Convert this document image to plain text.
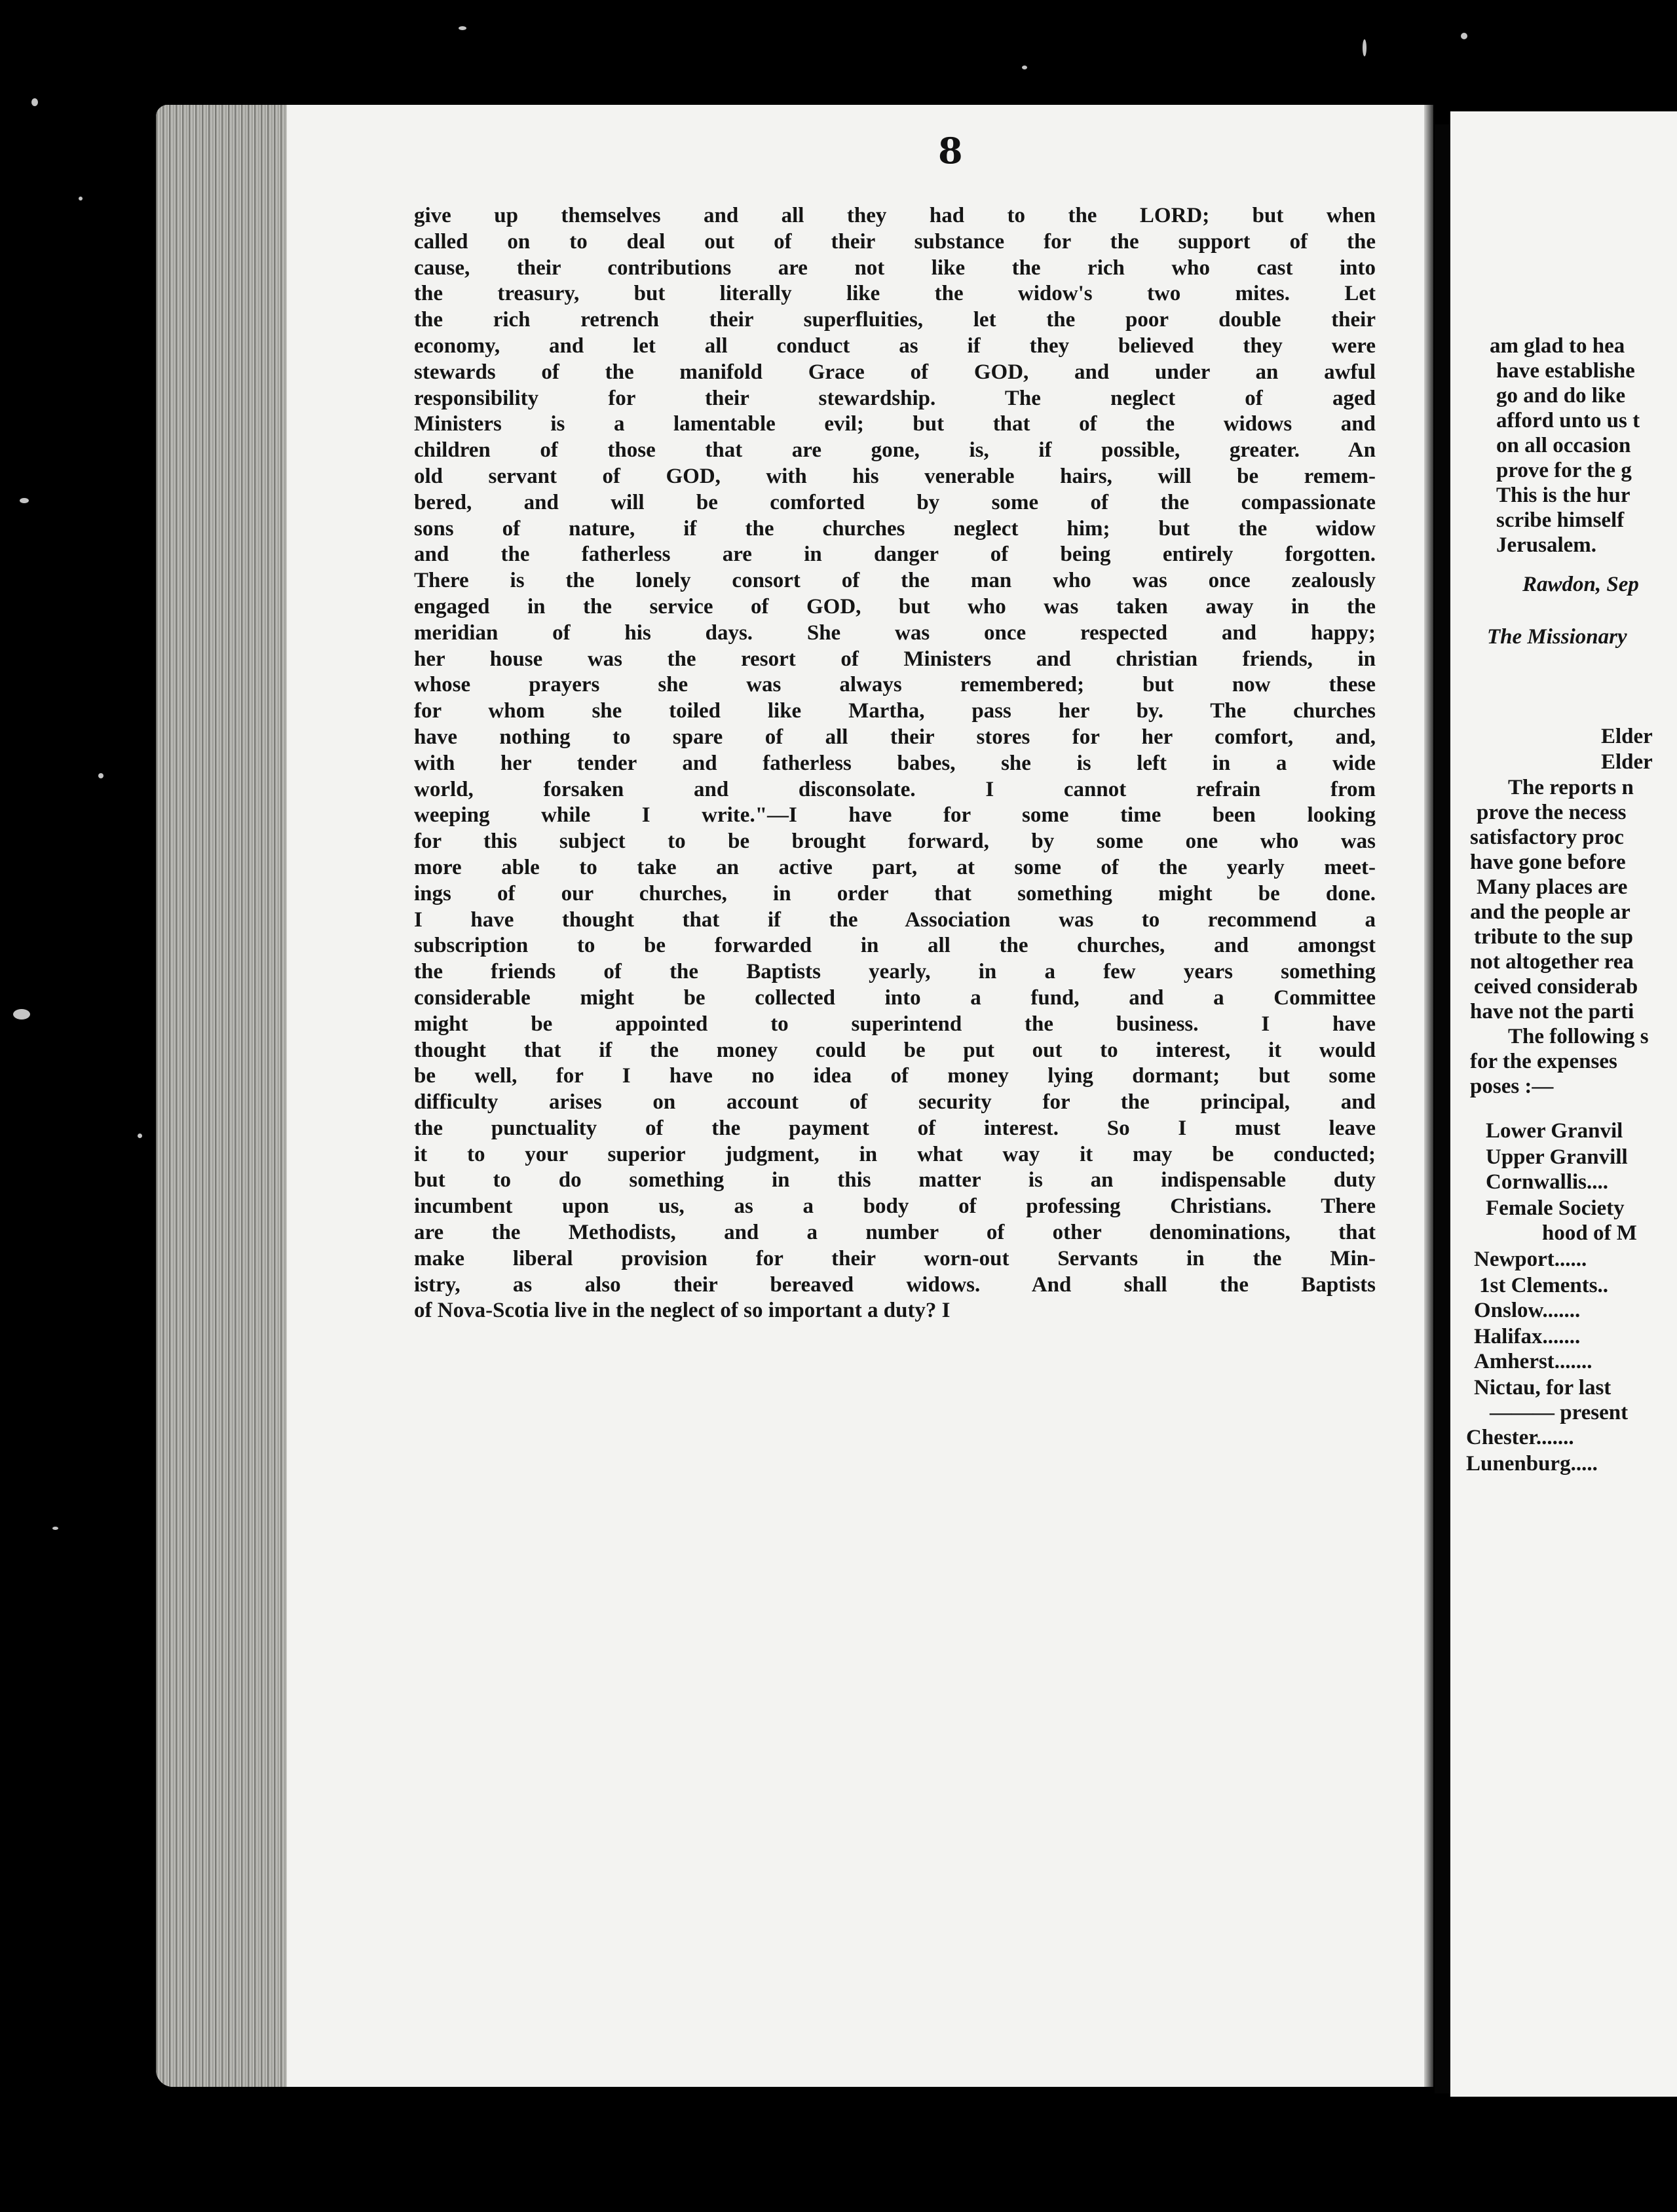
8
give up themselves and all they had to the LORD; but when
called on to deal out of their substance for the support of the
cause, their contributions are not like the rich who cast into
the treasury, but literally like the widow's two mites. Let
the rich retrench their superfluities, let the poor double their
economy, and let all conduct as if they believed they were
stewards of the manifold Grace of GOD, and under an awful
responsibility for their stewardship. The neglect of aged
Ministers is a lamentable evil; but that of the widows and
children of those that are gone, is, if possible, greater. An
old servant of GOD, with his venerable hairs, will be remem-
bered, and will be comforted by some of the compassionate
sons of nature, if the churches neglect him; but the widow
and the fatherless are in danger of being entirely forgotten.
There is the lonely consort of the man who was once zealously
engaged in the service of GOD, but who was taken away in the
meridian of his days. She was once respected and happy;
her house was the resort of Ministers and christian friends, in
whose prayers she was always remembered; but now these
for whom she toiled like Martha, pass her by. The churches
have nothing to spare of all their stores for her comfort, and,
with her tender and fatherless babes, she is left in a wide
world, forsaken and disconsolate. I cannot refrain from
weeping while I write."—I have for some time been looking
for this subject to be brought forward, by some one who was
more able to take an active part, at some of the yearly meet-
ings of our churches, in order that something might be done.
I have thought that if the Association was to recommend a
subscription to be forwarded in all the churches, and amongst
the friends of the Baptists yearly, in a few years something
considerable might be collected into a fund, and a Committee
might be appointed to superintend the business. I have
thought that if the money could be put out to interest, it would
be well, for I have no idea of money lying dormant; but some
difficulty arises on account of security for the principal, and
the punctuality of the payment of interest. So I must leave
it to your superior judgment, in what way it may be conducted;
but to do something in this matter is an indispensable duty
incumbent upon us, as a body of professing Christians. There
are the Methodists, and a number of other denominations, that
make liberal provision for their worn-out Servants in the Min-
istry, as also their bereaved widows. And shall the Baptists
of Nova-Scotia live in the neglect of so important a duty? I
am glad to hea
have establishe
go and do like
afford unto us t
on all occasion
prove for the g
This is the hur
scribe himself
Jerusalem.
Rawdon, Sep
The Missionary
Elder
Elder
The reports n
prove the necess
satisfactory proc
have gone before
Many places are
and the people ar
tribute to the sup
not altogether rea
ceived considerab
have not the parti
The following s
for the expenses
poses :—
Lower Granvil
Upper Granvill
Cornwallis....
Female Society
hood of M
Newport......
1st Clements..
Onslow.......
Halifax.......
Amherst.......
Nictau, for last
——— present
Chester.......
Lunenburg.....
